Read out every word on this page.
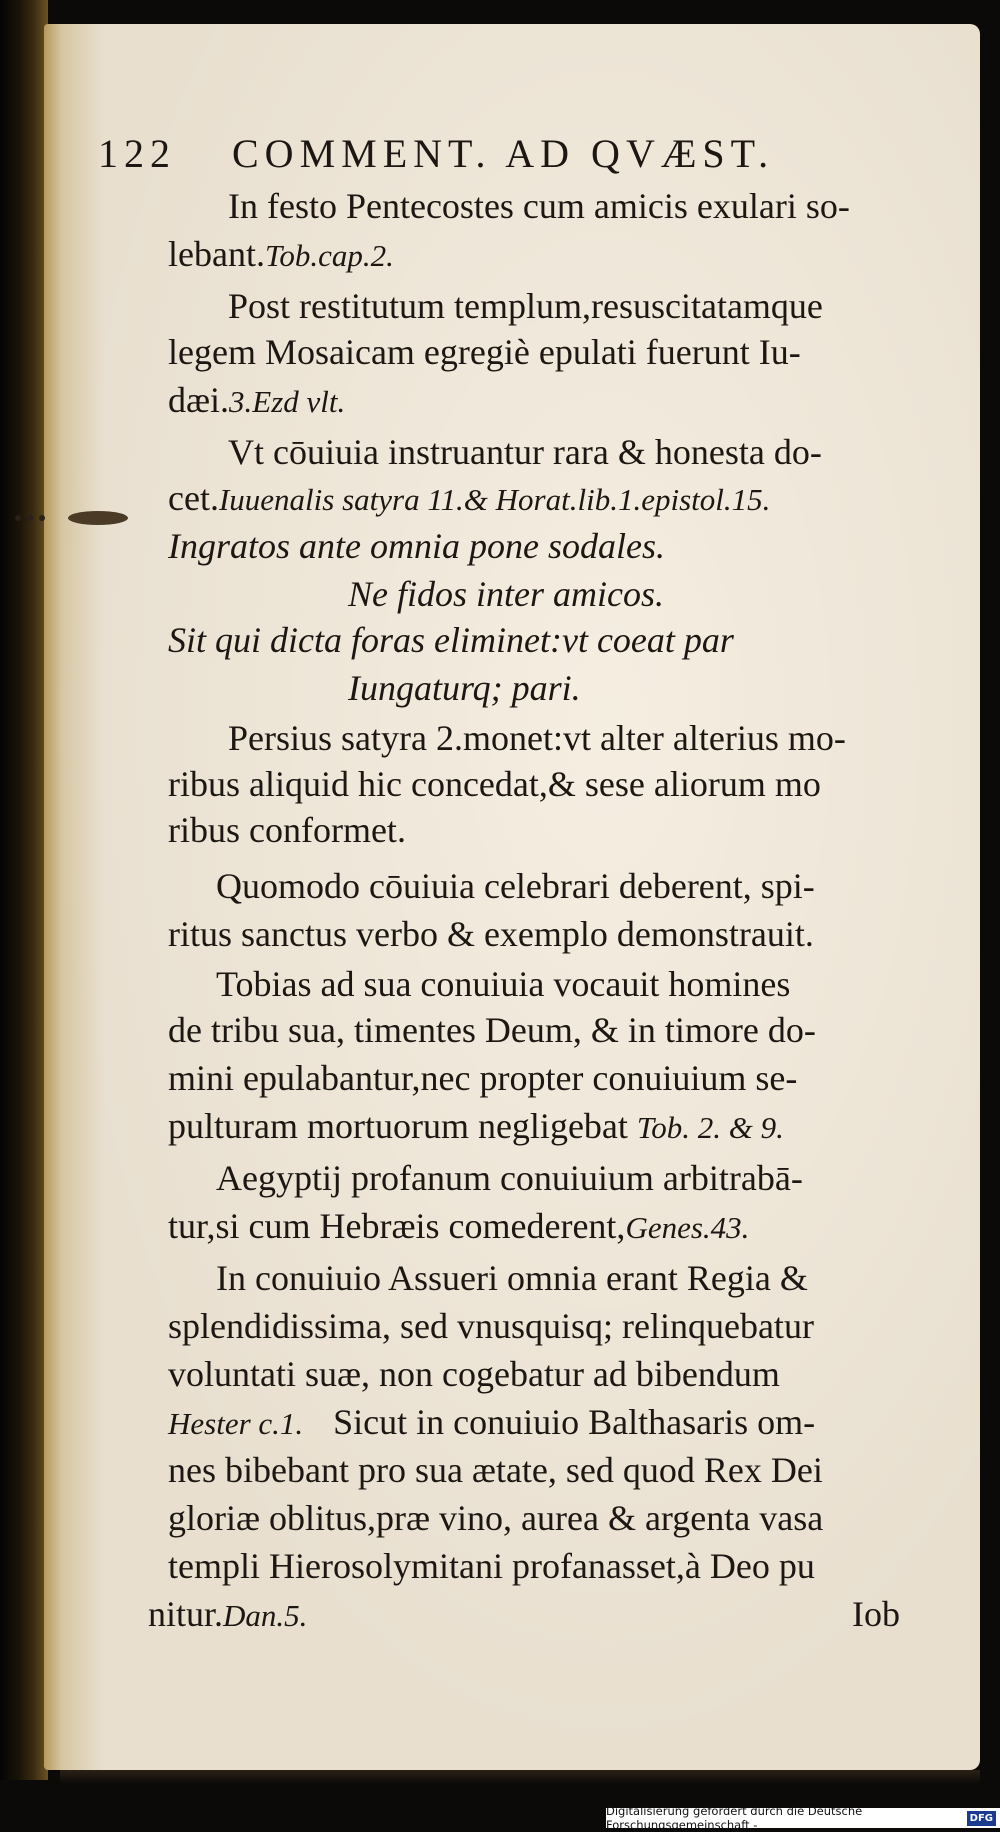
122 COMMENT. AD QVÆST.
In festo Pentecostes cum amicis exulari so-
lebant.Tob.cap.2.
Post restitutum templum,resuscitatamque
legem Mosaicam egregiè epulati fuerunt Iu-
dæi.3.Ezd vlt.
Vt cōuiuia instruantur rara & honesta do-
cet.Iuuenalis satyra 11.& Horat.lib.1.epistol.15.
Ingratos ante omnia pone sodales.
Ne fidos inter amicos.
Sit qui dicta foras eliminet:vt coeat par
Iungaturq; pari.
Persius satyra 2.monet:vt alter alterius mo-
ribus aliquid hic concedat,& sese aliorum mo
ribus conformet.
Quomodo cōuiuia celebrari deberent, spi-
ritus sanctus verbo & exemplo demonstrauit.
Tobias ad sua conuiuia vocauit homines
de tribu sua, timentes Deum, & in timore do-
mini epulabantur,nec propter conuiuium se-
pulturam mortuorum negligebat Tob. 2. & 9.
Aegyptij profanum conuiuium arbitrabā-
tur,si cum Hebræis comederent,Genes.43.
In conuiuio Assueri omnia erant Regia &
splendidissima, sed vnusquisq; relinquebatur
voluntati suæ, non cogebatur ad bibendum
Hester c.1. Sicut in conuiuio Balthasaris om-
nes bibebant pro sua ætate, sed quod Rex Dei
gloriæ oblitus,præ vino, aurea & argenta vasa
templi Hierosolymitani profanasset,à Deo pu
nitur.Dan.5.	Iob
Digitalisierung gefördert durch die Deutsche Forschungsgemeinschaft -	DFG
